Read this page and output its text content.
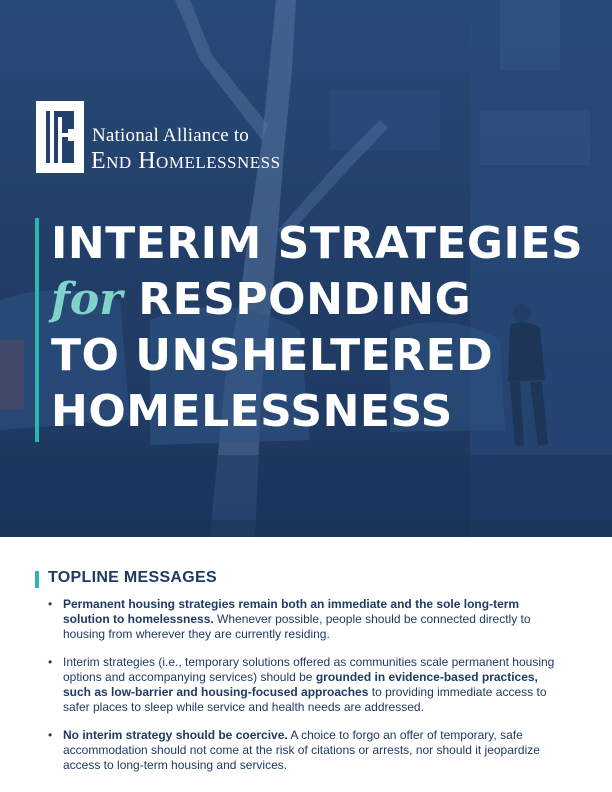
National Alliance to
End Homelessness
INTERIM STRATEGIES
for RESPONDING
TO UNSHELTERED
HOMELESSNESS
TOPLINE MESSAGES
• Permanent housing strategies remain both an immediate and the sole long-term solution to homelessness. Whenever possible, people should be connected directly to housing from wherever they are currently residing.
• Interim strategies (i.e., temporary solutions offered as communities scale permanent housing options and accompanying services) should be grounded in evidence-based practices, such as low-barrier and housing-focused approaches to providing immediate access to safer places to sleep while service and health needs are addressed.
• No interim strategy should be coercive. A choice to forgo an offer of temporary, safe accommodation should not come at the risk of citations or arrests, nor should it jeopardize access to long-term housing and services.
